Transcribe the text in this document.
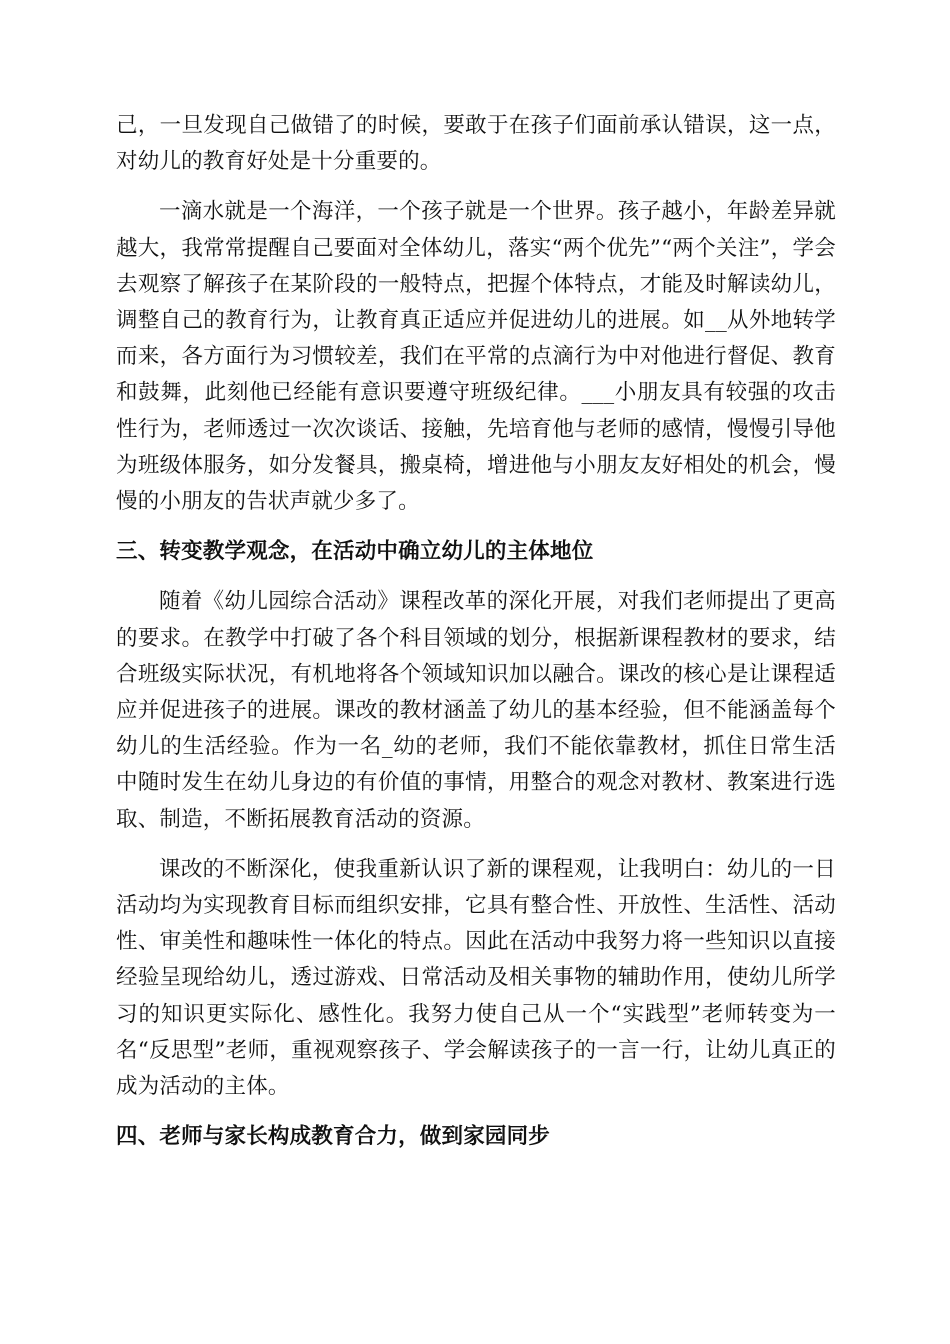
己，一旦发现自己做错了的时候，要敢于在孩子们面前承认错误，这一点，对幼儿的教育好处是十分重要的。

一滴水就是一个海洋，一个孩子就是一个世界。孩子越小，年龄差异就越大，我常常提醒自己要面对全体幼儿，落实“两个优先”“两个关注”，学会去观察了解孩子在某阶段的一般特点，把握个体特点，才能及时解读幼儿，调整自己的教育行为，让教育真正适应并促进幼儿的进展。如__从外地转学而来，各方面行为习惯较差，我们在平常的点滴行为中对他进行督促、教育和鼓舞，此刻他已经能有意识要遵守班级纪律。___小朋友具有较强的攻击性行为，老师透过一次次谈话、接触，先培育他与老师的感情，慢慢引导他为班级体服务，如分发餐具，搬桌椅，增进他与小朋友友好相处的机会，慢慢的小朋友的告状声就少多了。

三、转变教学观念，在活动中确立幼儿的主体地位

随着《幼儿园综合活动》课程改革的深化开展，对我们老师提出了更高的要求。在教学中打破了各个科目领域的划分，根据新课程教材的要求，结合班级实际状况，有机地将各个领域知识加以融合。课改的核心是让课程适应并促进孩子的进展。课改的教材涵盖了幼儿的基本经验，但不能涵盖每个幼儿的生活经验。作为一名_幼的老师，我们不能依靠教材，抓住日常生活中随时发生在幼儿身边的有价值的事情，用整合的观念对教材、教案进行选取、制造，不断拓展教育活动的资源。

课改的不断深化，使我重新认识了新的课程观，让我明白：幼儿的一日活动均为实现教育目标而组织安排，它具有整合性、开放性、生活性、活动性、审美性和趣味性一体化的特点。因此在活动中我努力将一些知识以直接经验呈现给幼儿，透过游戏、日常活动及相关事物的辅助作用，使幼儿所学习的知识更实际化、感性化。我努力使自己从一个“实践型”老师转变为一名“反思型”老师，重视观察孩子、学会解读孩子的一言一行，让幼儿真正的成为活动的主体。

四、老师与家长构成教育合力，做到家园同步
